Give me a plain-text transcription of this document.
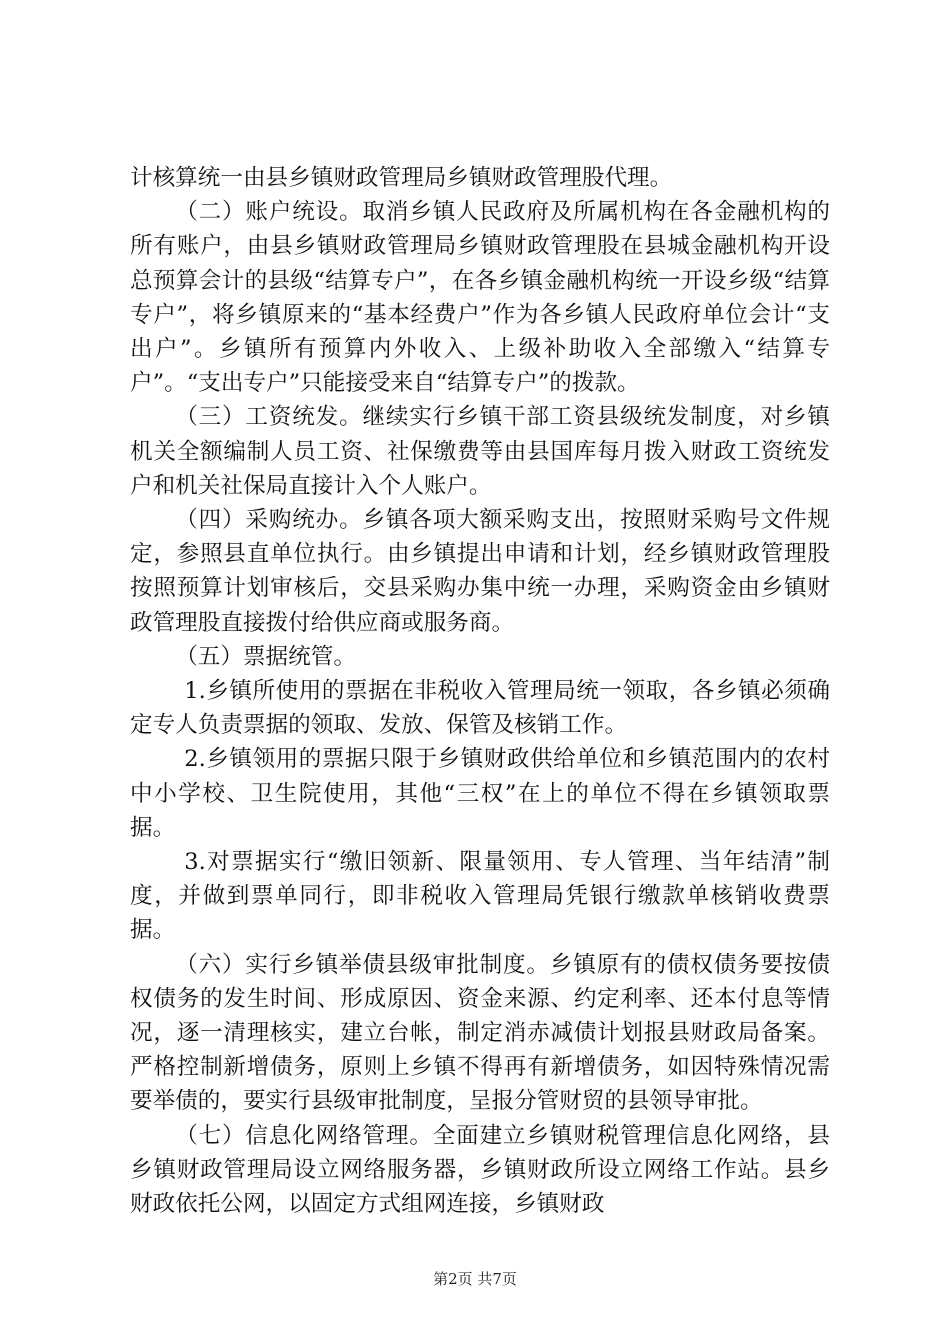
计核算统一由县乡镇财政管理局乡镇财政管理股代理。

（二）账户统设。取消乡镇人民政府及所属机构在各金融机构的所有账户，由县乡镇财政管理局乡镇财政管理股在县城金融机构开设总预算会计的县级“结算专户”，在各乡镇金融机构统一开设乡级“结算专户”，将乡镇原来的“基本经费户”作为各乡镇人民政府单位会计“支出户”。乡镇所有预算内外收入、上级补助收入全部缴入“结算专户”。“支出专户”只能接受来自“结算专户”的拨款。

（三）工资统发。继续实行乡镇干部工资县级统发制度，对乡镇机关全额编制人员工资、社保缴费等由县国库每月拨入财政工资统发户和机关社保局直接计入个人账户。

（四）采购统办。乡镇各项大额采购支出，按照财采购号文件规定，参照县直单位执行。由乡镇提出申请和计划，经乡镇财政管理股按照预算计划审核后，交县采购办集中统一办理，采购资金由乡镇财政管理股直接拨付给供应商或服务商。

（五）票据统管。

1.乡镇所使用的票据在非税收入管理局统一领取，各乡镇必须确定专人负责票据的领取、发放、保管及核销工作。

2.乡镇领用的票据只限于乡镇财政供给单位和乡镇范围内的农村中小学校、卫生院使用，其他“三权”在上的单位不得在乡镇领取票据。

3.对票据实行“缴旧领新、限量领用、专人管理、当年结清”制度，并做到票单同行，即非税收入管理局凭银行缴款单核销收费票据。

（六）实行乡镇举债县级审批制度。乡镇原有的债权债务要按债权债务的发生时间、形成原因、资金来源、约定利率、还本付息等情况，逐一清理核实，建立台帐，制定消赤减债计划报县财政局备案。严格控制新增债务，原则上乡镇不得再有新增债务，如因特殊情况需要举债的，要实行县级审批制度，呈报分管财贸的县领导审批。

（七）信息化网络管理。全面建立乡镇财税管理信息化网络，县乡镇财政管理局设立网络服务器，乡镇财政所设立网络工作站。县乡财政依托公网，以固定方式组网连接，乡镇财政

第2页 共7页
